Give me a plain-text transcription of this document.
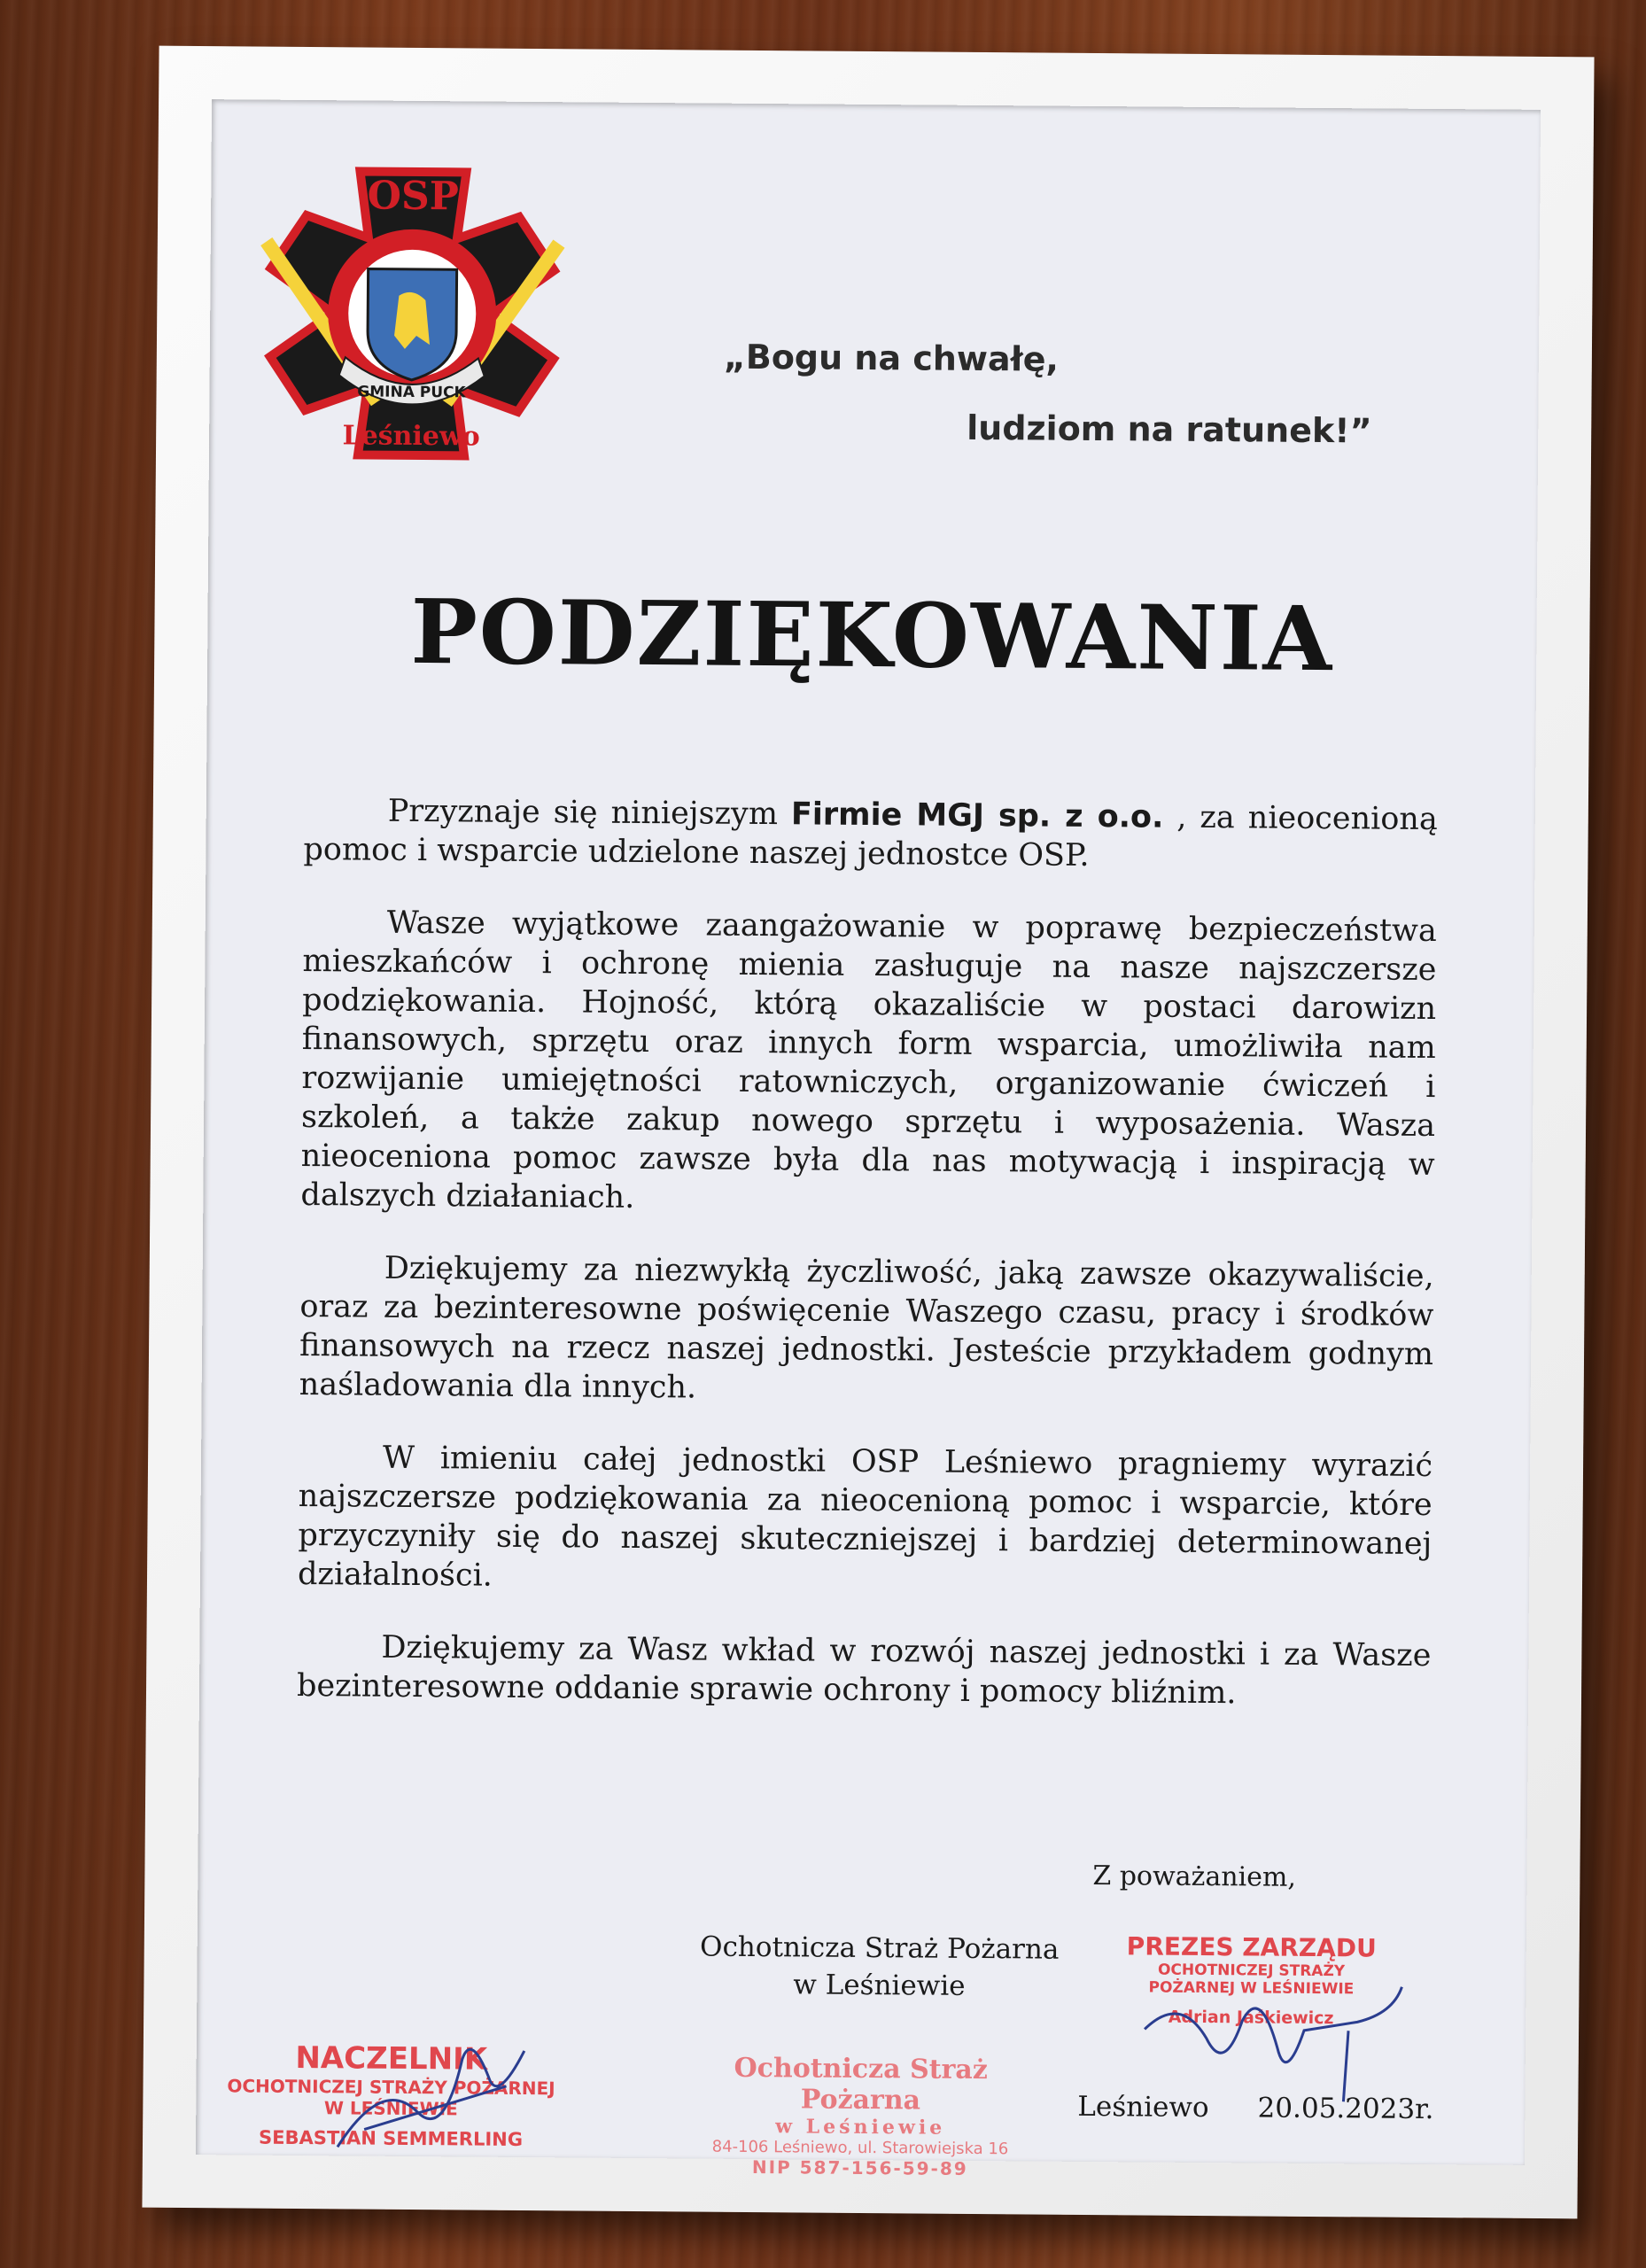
GMINA PUCK
OSP
Leśniewo
„Bogu na chwałę,
ludziom na ratunek!”
PODZIĘKOWANIA

Przyznaje się niniejszym Firmie MGJ sp. z o.o. , za nieocenioną pomoc i wsparcie udzielone naszej jednostce OSP.

Wasze wyjątkowe zaangażowanie w poprawę bezpieczeństwa mieszkańców i ochronę mienia zasługuje na nasze najszczersze podziękowania. Hojność, którą okazaliście w postaci darowizn finansowych, sprzętu oraz innych form wsparcia, umożliwiła nam rozwijanie umiejętności ratowniczych, organizowanie ćwiczeń i szkoleń, a także zakup nowego sprzętu i wyposażenia. Wasza nieoceniona pomoc zawsze była dla nas motywacją i inspiracją w dalszych działaniach.

Dziękujemy za niezwykłą życzliwość, jaką zawsze okazywaliście, oraz za bezinteresowne poświęcenie Waszego czasu, pracy i środków finansowych na rzecz naszej jednostki. Jesteście przykładem godnym naśladowania dla innych.

W imieniu całej jednostki OSP Leśniewo pragniemy wyrazić najszczersze podziękowania za nieocenioną pomoc i wsparcie, które przyczyniły się do naszej skuteczniejszej i bardziej determinowanej działalności.

Dziękujemy za Wasz wkład w rozwój naszej jednostki i za Wasze bezinteresowne oddanie sprawie ochrony i pomocy bliźnim.

Z poważaniem,
Ochotnicza Straż Pożarna
w Leśniewie
PREZES ZARZĄDU
OCHOTNICZEJ STRAŻY
POŻARNEJ W LEŚNIEWIE
Adrian Jaśkiewicz
Ochotnicza Straż Pożarna
w Leśniewie
84-106 Leśniewo, ul. Starowiejska 16
NIP 587-156-59-89
Leśniewo 20.05.2023r.
NACZELNIK
OCHOTNICZEJ STRAŻY POŻARNEJ
W LEŚNIEWIE
SEBASTIAN SEMMERLING
